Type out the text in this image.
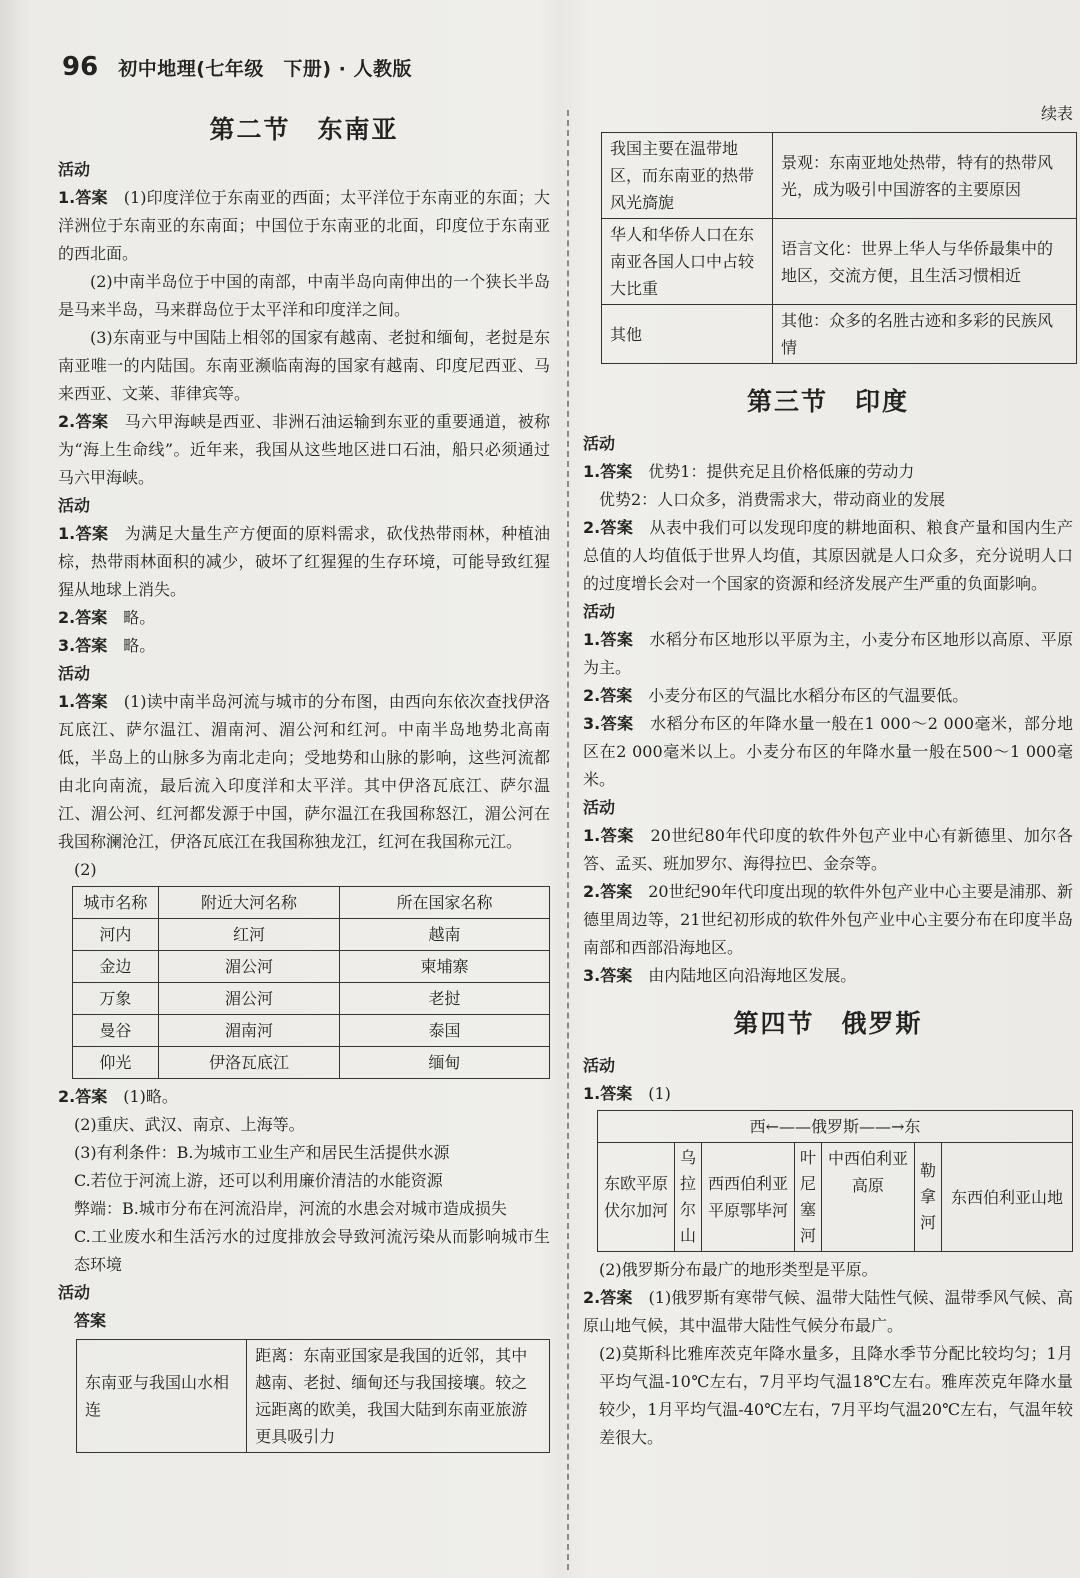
96 初中地理(七年级　下册) · 人教版
第二节　东南亚

活动

1.答案　 (1)印度洋位于东南亚的西面；太平洋位于东南亚的东面；大洋洲位于东南亚的东南面；中国位于东南亚的北面，印度位于东南亚的西北面。

(2)中南半岛位于中国的南部，中南半岛向南伸出的一个狭长半岛是马来半岛，马来群岛位于太平洋和印度洋之间。

(3)东南亚与中国陆上相邻的国家有越南、老挝和缅甸，老挝是东南亚唯一的内陆国。东南亚濒临南海的国家有越南、印度尼西亚、马来西亚、文莱、菲律宾等。

2.答案　 马六甲海峡是西亚、非洲石油运输到东亚的重要通道，被称为“海上生命线”。近年来，我国从这些地区进口石油，船只必须通过马六甲海峡。

活动

1.答案　 为满足大量生产方便面的原料需求，砍伐热带雨林，种植油棕，热带雨林面积的减少，破坏了红猩猩的生存环境，可能导致红猩猩从地球上消失。

2.答案　 略。

3.答案　 略。

活动

1.答案　 (1)读中南半岛河流与城市的分布图，由西向东依次查找伊洛瓦底江、萨尔温江、湄南河、湄公河和红河。中南半岛地势北高南低，半岛上的山脉多为南北走向；受地势和山脉的影响，这些河流都由北向南流，最后流入印度洋和太平洋。其中伊洛瓦底江、萨尔温江、湄公河、红河都发源于中国，萨尔温江在我国称怒江，湄公河在我国称澜沧江，伊洛瓦底江在我国称独龙江，红河在我国称元江。

(2)

城市名称	附近大河名称	所在国家名称
河内	红河	越南
金边	湄公河	柬埔寨
万象	湄公河	老挝
曼谷	湄南河	泰国
仰光	伊洛瓦底江	缅甸

2.答案　 (1)略。

(2)重庆、武汉、南京、上海等。

(3)有利条件：B.为城市工业生产和居民生活提供水源

C.若位于河流上游，还可以利用廉价清洁的水能资源

弊端：B.城市分布在河流沿岸，河流的水患会对城市造成损失

C.工业废水和生活污水的过度排放会导致河流污染从而影响城市生态环境

活动

答案

东南亚与我国山水相连	距离：东南亚国家是我国的近邻，其中越南、老挝、缅甸还与我国接壤。较之远距离的欧美，我国大陆到东南亚旅游更具吸引力

续表

我国主要在温带地区，而东南亚的热带风光旖旎	景观：东南亚地处热带，特有的热带风光，成为吸引中国游客的主要原因
华人和华侨人口在东南亚各国人口中占较大比重	语言文化：世界上华人与华侨最集中的地区，交流方便，且生活习惯相近
其他	其他：众多的名胜古迹和多彩的民族风情
第三节　印度

活动

1.答案　 优势1：提供充足且价格低廉的劳动力

优势2：人口众多，消费需求大，带动商业的发展

2.答案　 从表中我们可以发现印度的耕地面积、粮食产量和国内生产总值的人均值低于世界人均值，其原因就是人口众多，充分说明人口的过度增长会对一个国家的资源和经济发展产生严重的负面影响。

活动

1.答案　 水稻分布区地形以平原为主，小麦分布区地形以高原、平原为主。

2.答案　 小麦分布区的气温比水稻分布区的气温要低。

3.答案　 水稻分布区的年降水量一般在1 000～2 000毫米，部分地区在2 000毫米以上。小麦分布区的年降水量一般在500～1 000毫米。

活动

1.答案　 20世纪80年代印度的软件外包产业中心有新德里、加尔各答、孟买、班加罗尔、海得拉巴、金奈等。

2.答案　 20世纪90年代印度出现的软件外包产业中心主要是浦那、新德里周边等，21世纪初形成的软件外包产业中心主要分布在印度半岛南部和西部沿海地区。

3.答案　 由内陆地区向沿海地区发展。

第四节　俄罗斯

活动

1.答案　 (1)

西←——俄罗斯——→东
东欧平原伏尔加河	乌拉尔山	西西伯利亚平原鄂毕河	叶尼塞河	中西伯利亚高原	勒拿河	东西伯利亚山地

(2)俄罗斯分布最广的地形类型是平原。

2.答案　 (1)俄罗斯有寒带气候、温带大陆性气候、温带季风气候、高原山地气候，其中温带大陆性气候分布最广。

(2)莫斯科比雅库茨克年降水量多，且降水季节分配比较均匀；1月平均气温-10℃左右，7月平均气温18℃左右。雅库茨克年降水量较少，1月平均气温-40℃左右，7月平均气温20℃左右，气温年较差很大。
